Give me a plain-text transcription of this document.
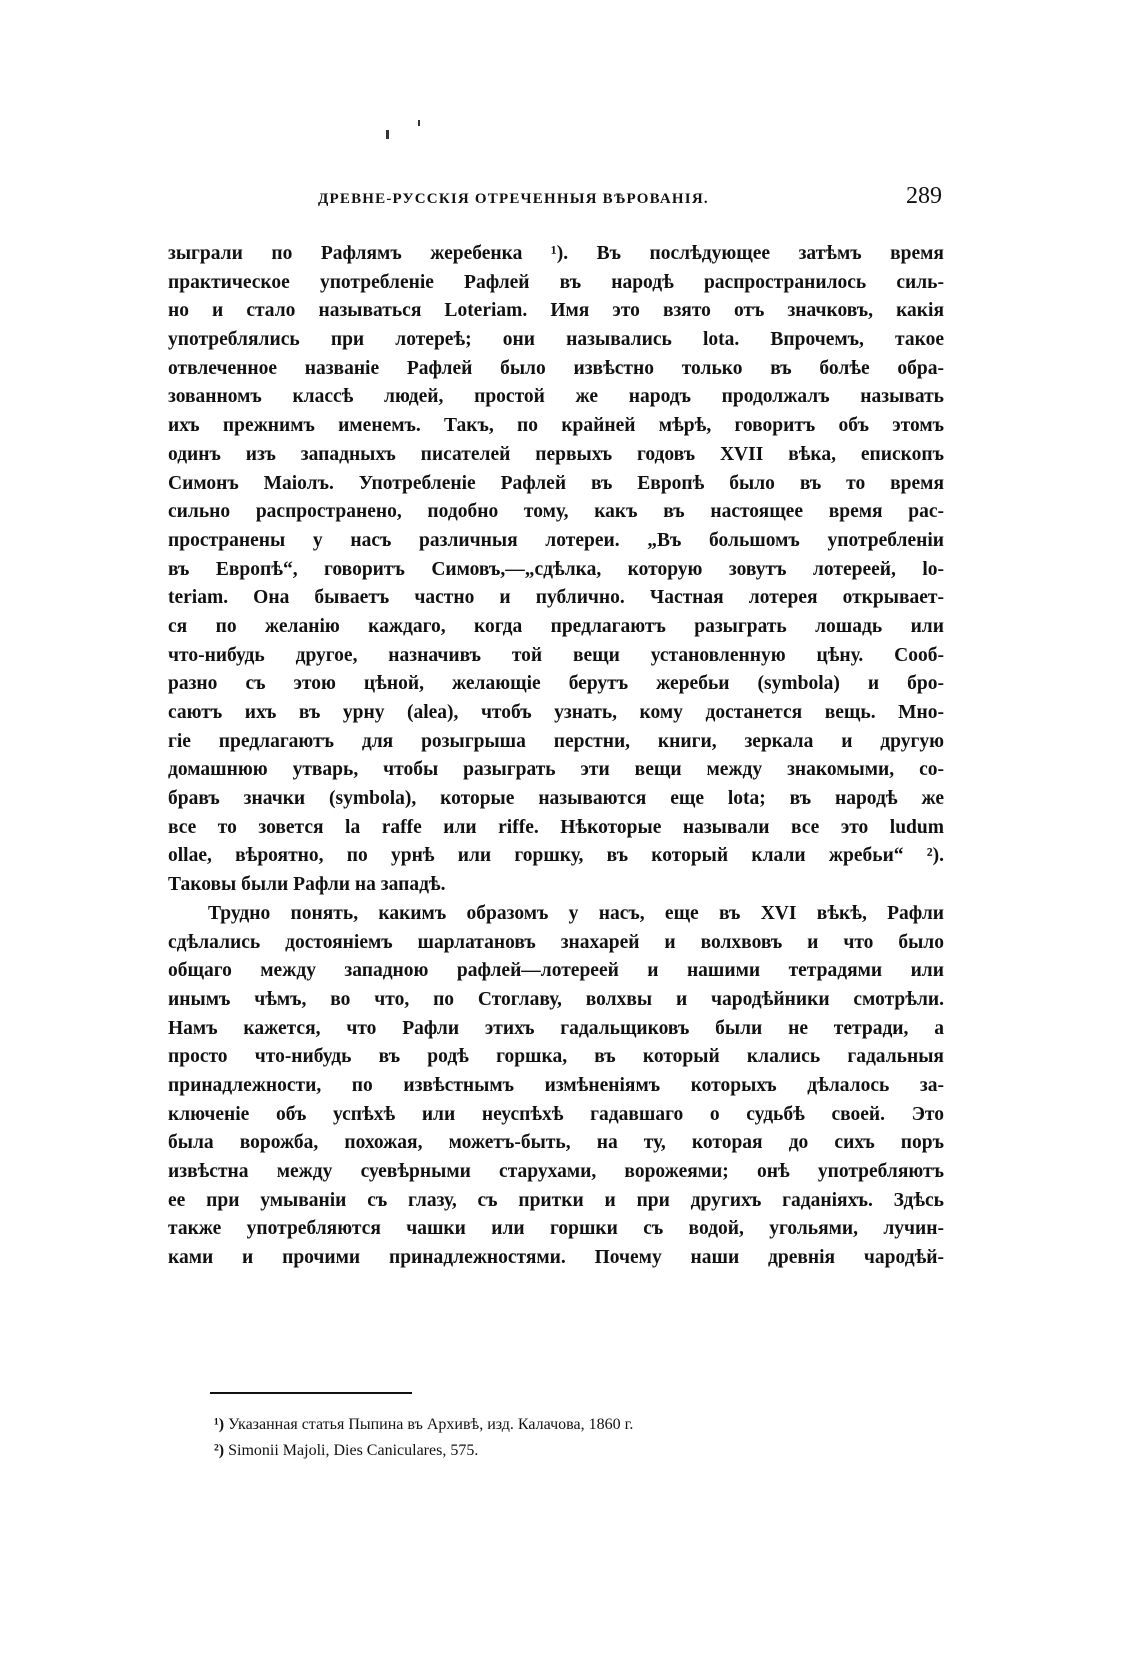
ДРЕВНЕ-РУССКІЯ ОТРЕЧЕННЫЯ ВѢРОВАНІЯ.	289
зыграли по Рафлямъ жеребенка ¹). Въ послѣдующее затѣмъ время
практическое употребленіе Рафлей въ народѣ распространилось силь-
но и стало называться Loteriam. Имя это взято отъ значковъ, какія
употреблялись при лотереѣ; они назывались lota. Впрочемъ, такое
отвлеченное названіе Рафлей было извѣстно только въ болѣе обра-
зованномъ классѣ людей, простой же народъ продолжалъ называть
ихъ прежнимъ именемъ. Такъ, по крайней мѣрѣ, говоритъ объ этомъ
одинъ изъ западныхъ писателей первыхъ годовъ XVII вѣка, епископъ
Симонъ Маіолъ. Употребленіе Рафлей въ Европѣ было въ то время
сильно распространено, подобно тому, какъ въ настоящее время рас-
пространены у насъ различныя лотереи. „Въ большомъ употребленіи
въ Европѣ“, говоритъ Симовъ,—„сдѣлка, которую зовутъ лотереей, lo-
teriam. Она бываетъ частно и публично. Частная лотерея открывает-
ся по желанію каждаго, когда предлагаютъ разыграть лошадь или
что-нибудь другое, назначивъ той вещи установленную цѣну. Сооб-
разно съ этою цѣной, желающіе берутъ жеребьи (symbola) и бро-
саютъ ихъ въ урну (alea), чтобъ узнать, кому достанется вещь. Мно-
гіе предлагаютъ для розыгрыша перстни, книги, зеркала и другую
домашнюю утварь, чтобы разыграть эти вещи между знакомыми, со-
бравъ значки (symbola), которые называются еще lota; въ народѣ же
все то зовется la raffe или riffe. Нѣкоторые называли все это ludum
ollae, вѣроятно, по урнѣ или горшку, въ который клали жребьи“ ²).
Таковы были Рафли на западѣ.
Трудно понять, какимъ образомъ у насъ, еще въ XVI вѣкѣ, Рафли
сдѣлались достояніемъ шарлатановъ знахарей и волхвовъ и что было
общаго между западною рафлей—лотереей и нашими тетрадями или
инымъ чѣмъ, во что, по Стоглаву, волхвы и чародѣйники смотрѣли.
Намъ кажется, что Рафли этихъ гадальщиковъ были не тетради, а
просто что-нибудь въ родѣ горшка, въ который клались гадальныя
принадлежности, по извѣстнымъ измѣненіямъ которыхъ дѣлалось за-
ключеніе объ успѣхѣ или неуспѣхѣ гадавшаго о судьбѣ своей. Это
была ворожба, похожая, можетъ-быть, на ту, которая до сихъ поръ
извѣстна между суевѣрными старухами, ворожеями; онѣ употребляютъ
ее при умываніи съ глазу, съ притки и при другихъ гаданіяхъ. Здѣсь
также употребляются чашки или горшки съ водой, угольями, лучин-
ками и прочими принадлежностями. Почему наши древнія чародѣй-
¹) Указанная статья Пыпина въ Архивѣ, изд. Калачова, 1860 г.
²) Simonii Majoli, Dies Caniculares, 575.
